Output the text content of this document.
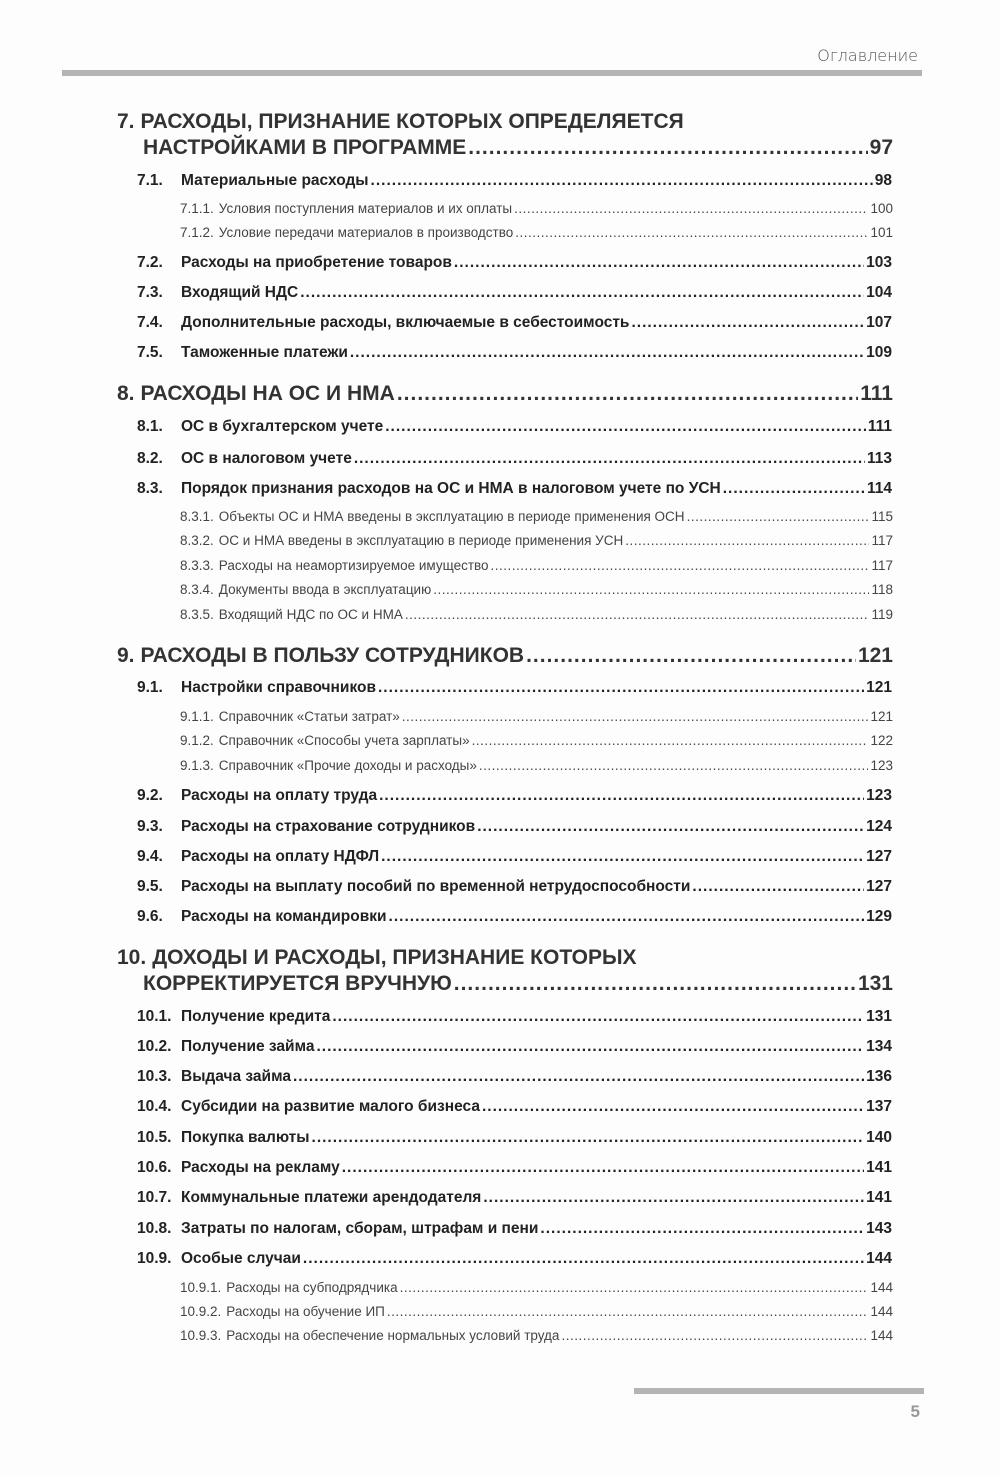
Оглавление
7. РАСХОДЫ, ПРИЗНАНИЕ КОТОРЫХ ОПРЕДЕЛЯЕТСЯ
НАСТРОЙКАМИ В ПРОГРАММЕ .....	97
7.1.	Материальные расходы .....	98
7.1.1. Условия поступления материалов и их оплаты .....	100
7.1.2. Условие передачи материалов в производство .....	101
7.2.	Расходы на приобретение товаров .....	103
7.3.	Входящий НДС .....	104
7.4.	Дополнительные расходы, включаемые в себестоимость .....	107
7.5.	Таможенные платежи .....	109
8. РАСХОДЫ НА ОС И НМА .....	111
8.1.	ОС в бухгалтерском учете .....	111
8.2.	ОС в налоговом учете .....	113
8.3.	Порядок признания расходов на ОС и НМА в налоговом учете по УСН .....	114
8.3.1. Объекты ОС и НМА введены в эксплуатацию в периоде применения ОСН .....	115
8.3.2. ОС и НМА введены в эксплуатацию в периоде применения УСН .....	117
8.3.3. Расходы на неамортизируемое имущество .....	117
8.3.4. Документы ввода в эксплуатацию .....	118
8.3.5. Входящий НДС по ОС и НМА .....	119
9. РАСХОДЫ В ПОЛЬЗУ СОТРУДНИКОВ .....	121
9.1.	Настройки справочников .....	121
9.1.1. Справочник «Статьи затрат» .....	121
9.1.2. Справочник «Способы учета зарплаты» .....	122
9.1.3. Справочник «Прочие доходы и расходы» .....	123
9.2.	Расходы на оплату труда .....	123
9.3.	Расходы на страхование сотрудников .....	124
9.4.	Расходы на оплату НДФЛ .....	127
9.5.	Расходы на выплату пособий по временной нетрудоспособности .....	127
9.6.	Расходы на командировки .....	129
10. ДОХОДЫ И РАСХОДЫ, ПРИЗНАНИЕ КОТОРЫХ
КОРРЕКТИРУЕТСЯ ВРУЧНУЮ .....	131
10.1. Получение кредита .....	131
10.2. Получение займа .....	134
10.3. Выдача займа .....	136
10.4. Субсидии на развитие малого бизнеса .....	137
10.5. Покупка валюты .....	140
10.6. Расходы на рекламу .....	141
10.7. Коммунальные платежи арендодателя .....	141
10.8. Затраты по налогам, сборам, штрафам и пени .....	143
10.9. Особые случаи .....	144
10.9.1. Расходы на субподрядчика .....	144
10.9.2. Расходы на обучение ИП .....	144
10.9.3. Расходы на обеспечение нормальных условий труда .....	144
5
